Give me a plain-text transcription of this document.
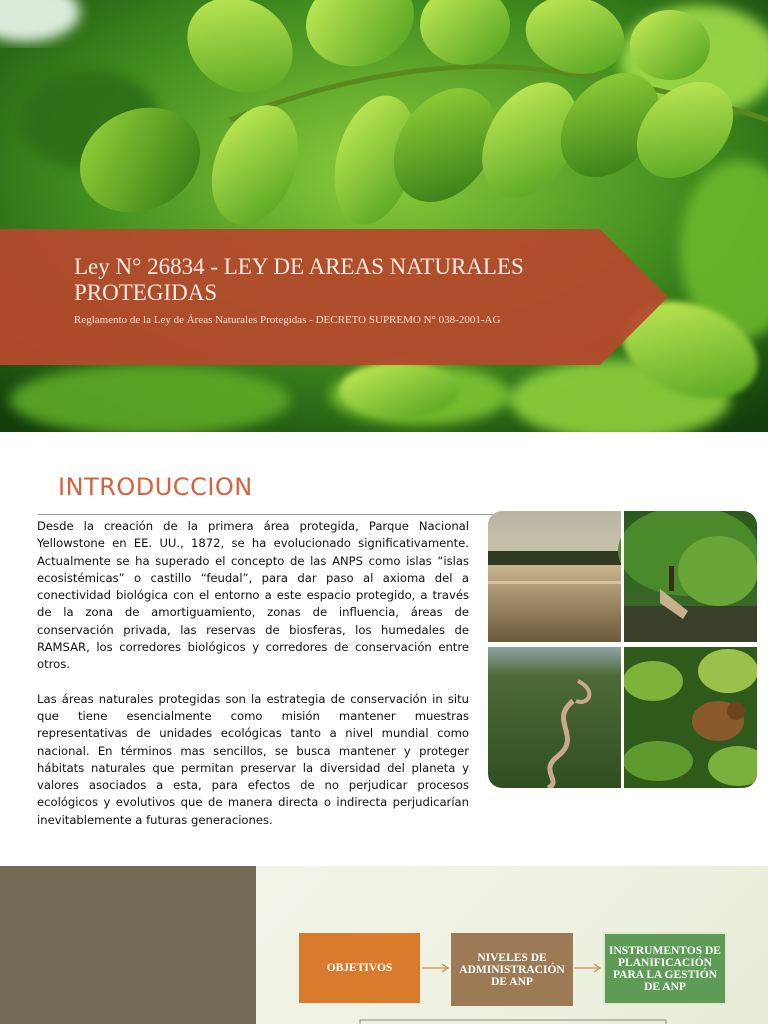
Ley N° 26834 - LEY DE AREAS NATURALES PROTEGIDAS
Reglamento de la Ley de Áreas Naturales Protegidas - DECRETO SUPREMO N° 038-2001-AG
INTRODUCCION

Desde la creación de la primera área protegida, Parque Nacional Yellowstone en EE. UU., 1872, se ha evolucionado significativamente. Actualmente se ha superado el concepto de las ANPS como islas “islas ecosistémicas” o castillo “feudal”, para dar paso al axioma del a conectividad biológica con el entorno a este espacio protegido, a través de la zona de amortiguamiento, zonas de influencia, áreas de conservación privada, las reservas de biosferas, los humedales de RAMSAR, los corredores biológicos y corredores de conservación entre otros.

Las áreas naturales protegidas son la estrategia de conservación in situ que tiene esencialmente como misión mantener muestras representativas de unidades ecológicas tanto a nivel mundial como nacional. En términos mas sencillos, se busca mantener y proteger hábitats naturales que permitan preservar la diversidad del planeta y valores asociados a esta, para efectos de no perjudicar procesos ecológicos y evolutivos que de manera directa o indirecta perjudicarían inevitablemente a futuras generaciones.

OBJETIVOS
NIVELES DE ADMINISTRACIÓN DE ANP
INSTRUMENTOS DE PLANIFICACIÓN PARA LA GESTIÓN DE ANP
